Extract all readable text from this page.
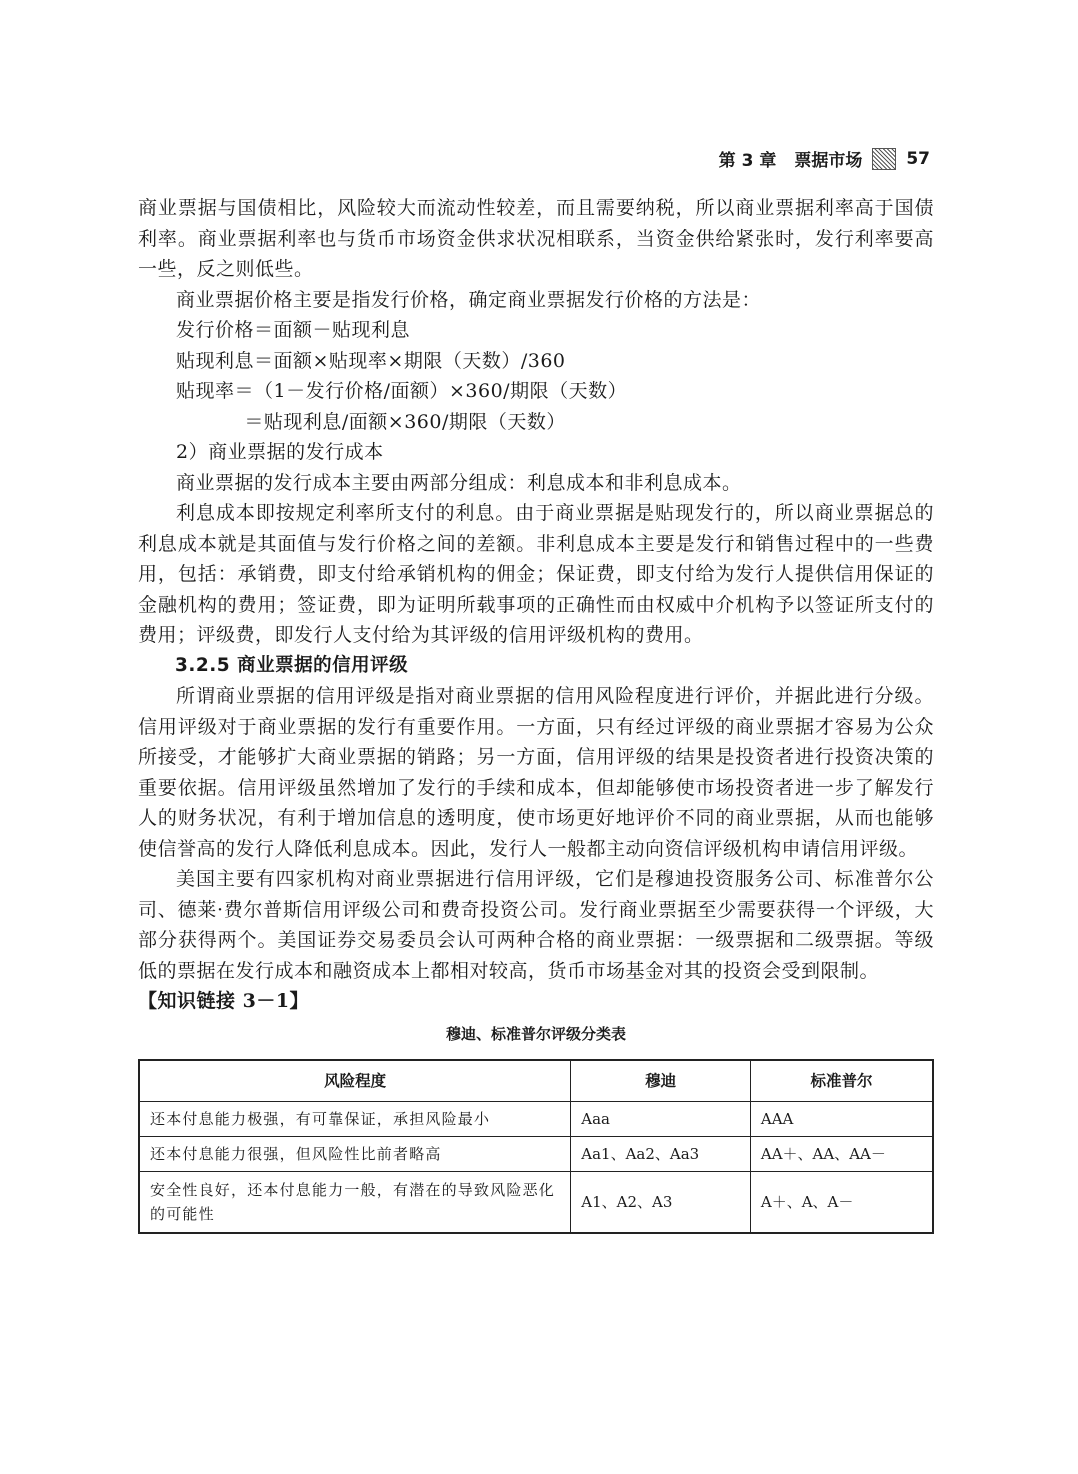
第 3 章 票据市场	57

商业票据与国债相比，风险较大而流动性较差，而且需要纳税，所以商业票据利率高于国债利率。商业票据利率也与货币市场资金供求状况相联系，当资金供给紧张时，发行利率要高一些，反之则低些。

商业票据价格主要是指发行价格，确定商业票据发行价格的方法是：

发行价格＝面额－贴现利息

贴现利息＝面额×贴现率×期限（天数）/360

贴现率＝（1－发行价格/面额）×360/期限（天数）

＝贴现利息/面额×360/期限（天数）

2）商业票据的发行成本

商业票据的发行成本主要由两部分组成：利息成本和非利息成本。

利息成本即按规定利率所支付的利息。由于商业票据是贴现发行的，所以商业票据总的利息成本就是其面值与发行价格之间的差额。非利息成本主要是发行和销售过程中的一些费用，包括：承销费，即支付给承销机构的佣金；保证费，即支付给为发行人提供信用保证的金融机构的费用；签证费，即为证明所载事项的正确性而由权威中介机构予以签证所支付的费用；评级费，即发行人支付给为其评级的信用评级机构的费用。

3.2.5 商业票据的信用评级

所谓商业票据的信用评级是指对商业票据的信用风险程度进行评价，并据此进行分级。信用评级对于商业票据的发行有重要作用。一方面，只有经过评级的商业票据才容易为公众所接受，才能够扩大商业票据的销路；另一方面，信用评级的结果是投资者进行投资决策的重要依据。信用评级虽然增加了发行的手续和成本，但却能够使市场投资者进一步了解发行人的财务状况，有利于增加信息的透明度，使市场更好地评价不同的商业票据，从而也能够使信誉高的发行人降低利息成本。因此，发行人一般都主动向资信评级机构申请信用评级。

美国主要有四家机构对商业票据进行信用评级，它们是穆迪投资服务公司、标准普尔公司、德莱·费尔普斯信用评级公司和费奇投资公司。发行商业票据至少需要获得一个评级，大部分获得两个。美国证券交易委员会认可两种合格的商业票据：一级票据和二级票据。等级低的票据在发行成本和融资成本上都相对较高，货币市场基金对其的投资会受到限制。

【知识链接 3－1】

穆迪、标准普尔评级分类表
风险程度	穆迪	标准普尔
还本付息能力极强，有可靠保证，承担风险最小	Aaa	AAA
还本付息能力很强，但风险性比前者略高	Aa1、Aa2、Aa3	AA＋、AA、AA－
安全性良好，还本付息能力一般，有潜在的导致风险恶化的可能性	A1、A2、A3	A＋、A、A－
